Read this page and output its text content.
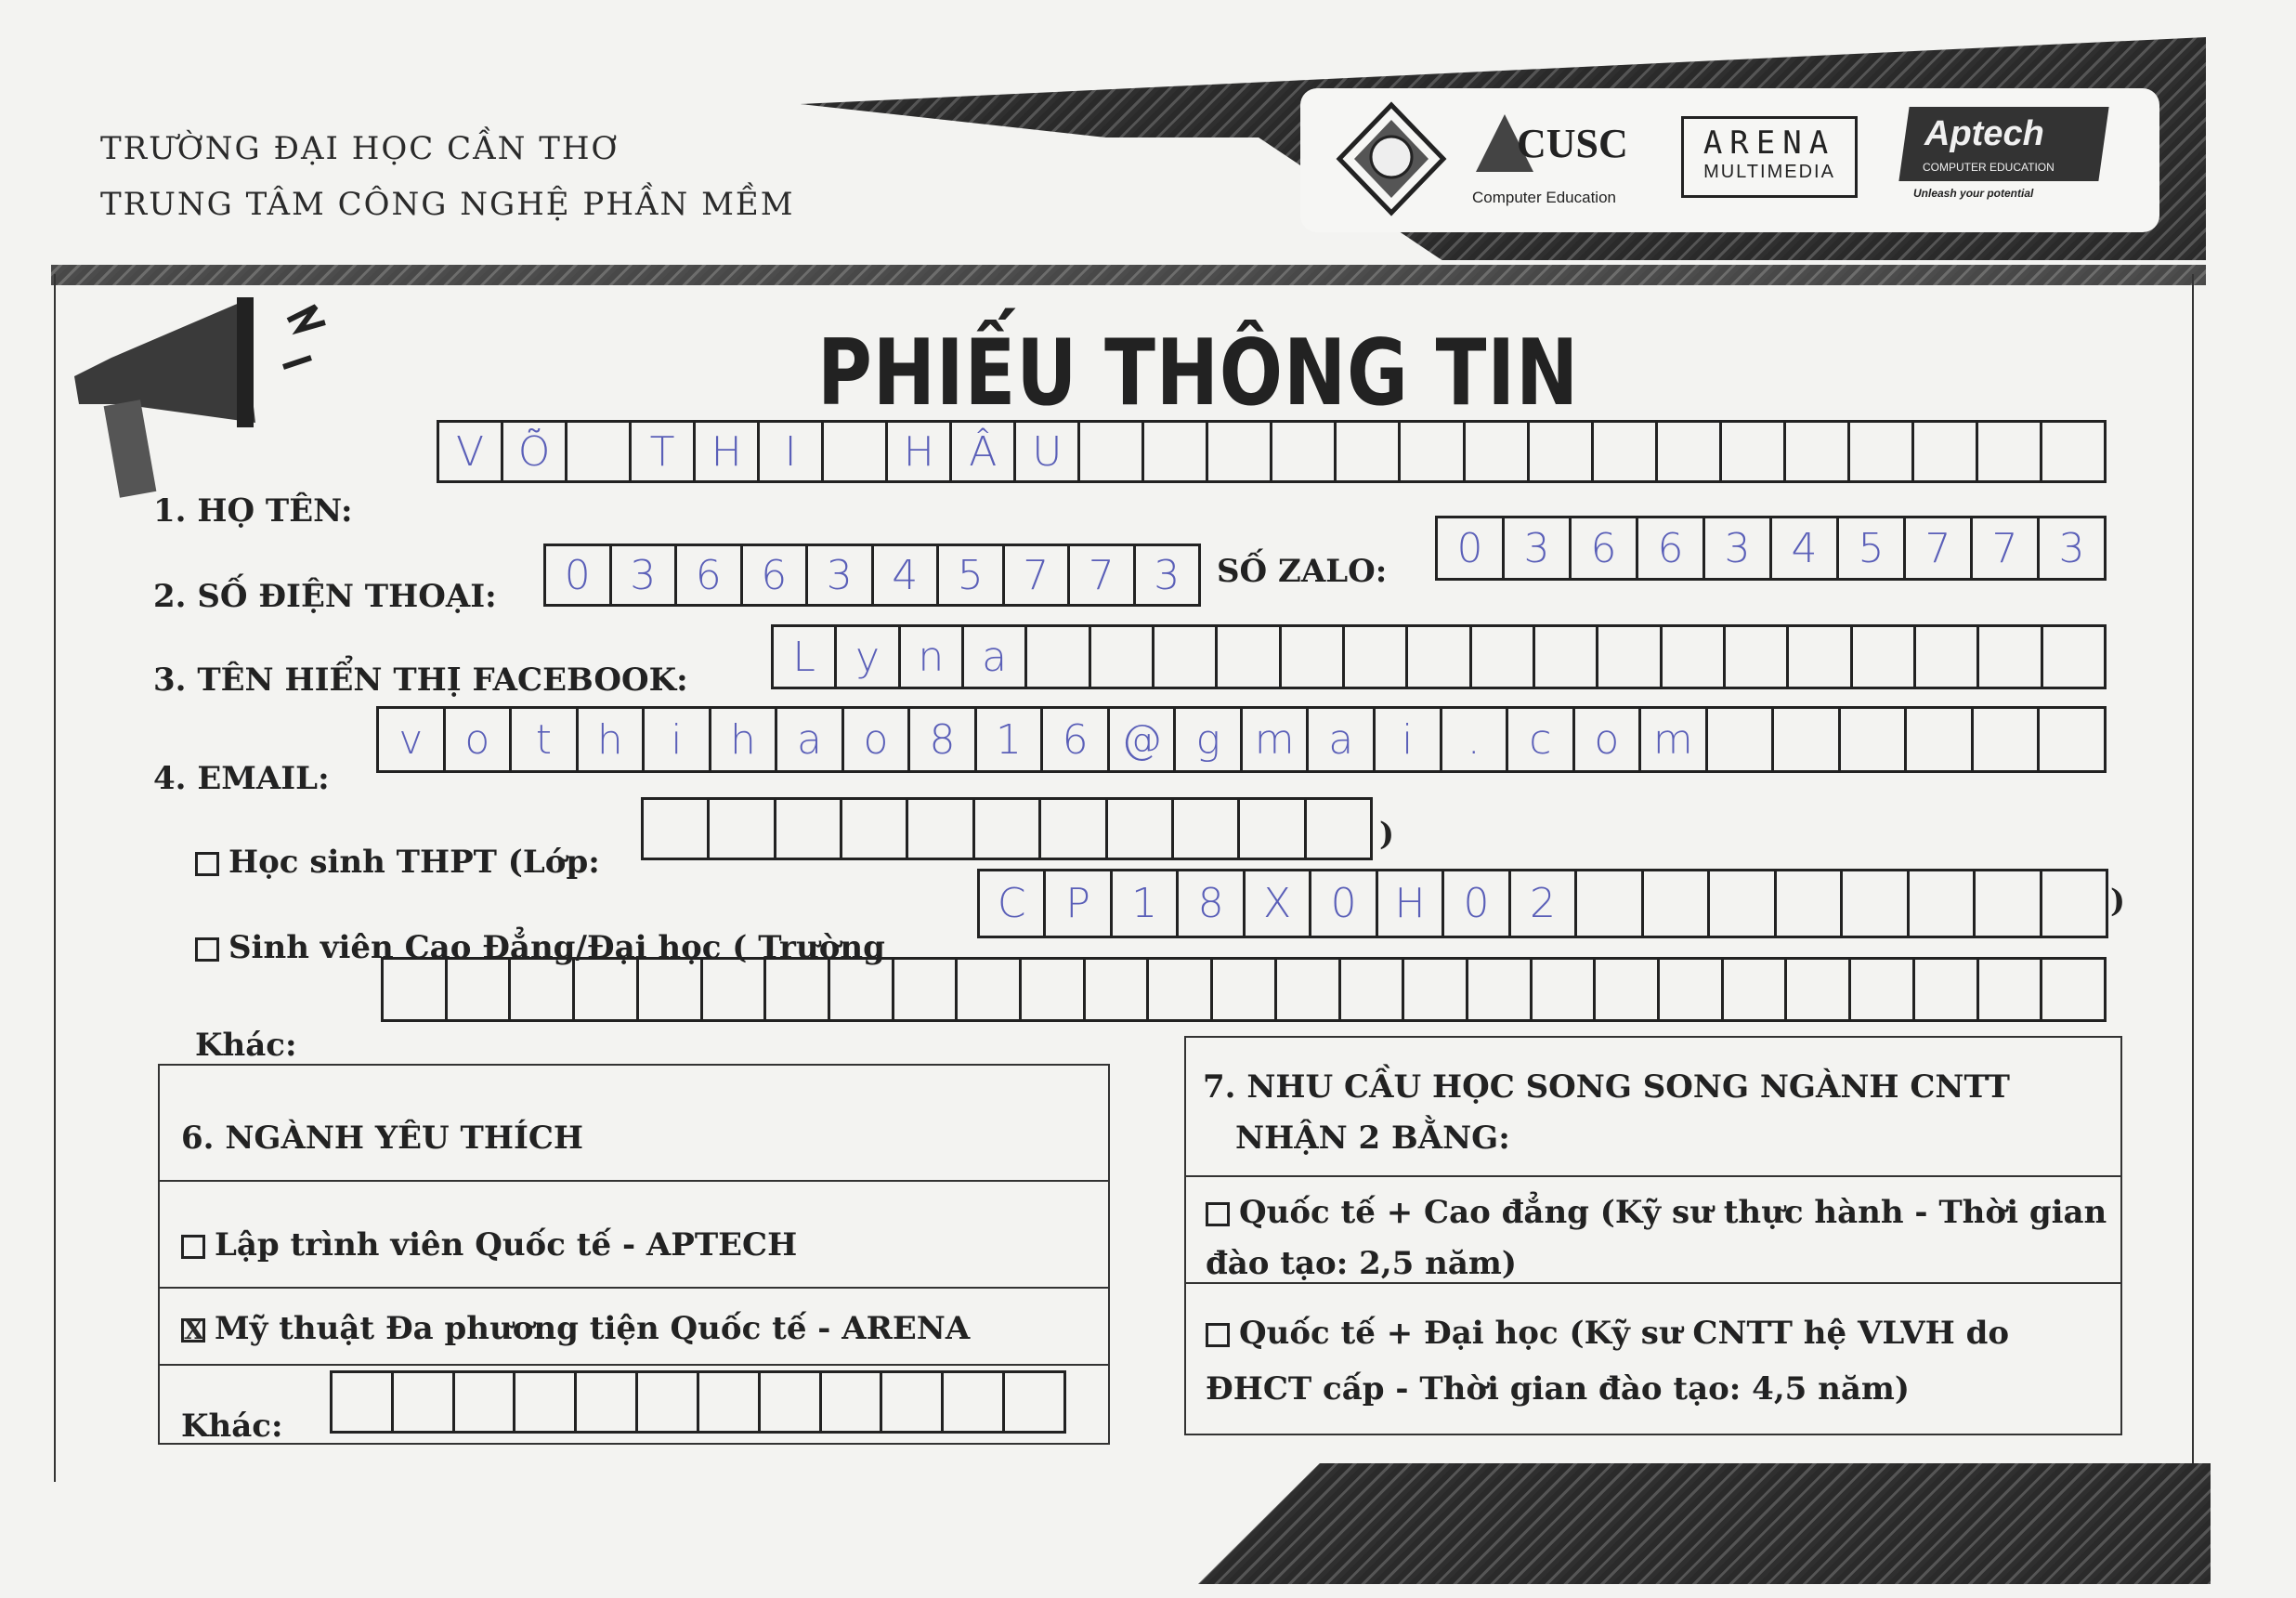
CUSC
Computer Education
ARENA
MULTIMEDIA
Aptech
COMPUTER EDUCATION
Unleash your potential
TRƯỜNG ĐẠI HỌC CẦN THƠ
TRUNG TÂM CÔNG NGHỆ PHẦN MỀM
PHIẾU THÔNG TIN
1. HỌ TÊN:
V Õ	T H	I	H Â U
2. SỐ ĐIỆN THOẠI:	0 3 6 6 3 4 5 7 7 3	SỐ ZALO:	0	3	6	6	3	4	5	7	7	3
3. TÊN HIỂN THỊ FACEBOOK:	L y n a
4. EMAIL:
v	o	t	h	i	h	a	o	8 1 6 @ g m a	i	.	c	o m
Học sinh THPT (Lớp:
)
Sinh viên Cao Đẳng/Đại học ( Trường
C P	1 8 X 0 H 0 2	)
Khác:
6. NGÀNH YÊU THÍCH
Lập trình viên Quốc tế - APTECH
X Mỹ thuật Đa phương tiện Quốc tế - ARENA
Khác:
7. NHU CẦU HỌC SONG SONG NGÀNH CNTT
NHẬN 2 BẰNG:
Quốc tế + Cao đẳng (Kỹ sư thực hành - Thời gian
đào tạo: 2,5 năm)
Quốc tế + Đại học (Kỹ sư CNTT hệ VLVH do
ĐHCT cấp - Thời gian đào tạo: 4,5 năm)
